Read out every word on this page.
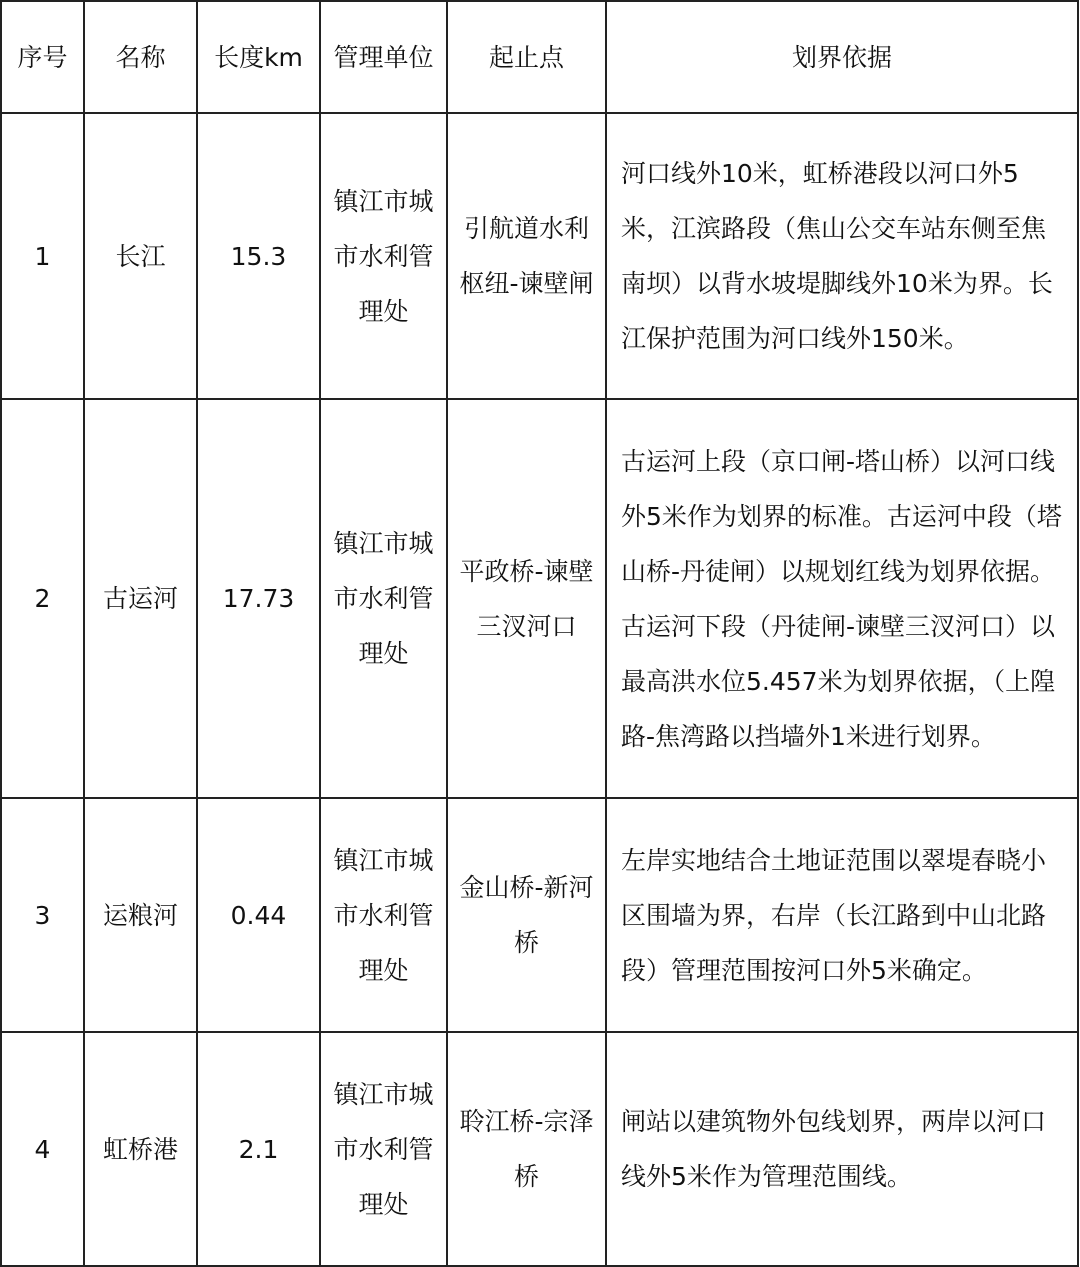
序号	名称	长度km	管理单位	起止点	划界依据
1	长江	15.3	镇江市城市水利管理处	引航道水利枢纽-谏壁闸	河口线外10米，虹桥港段以河口外5米，江滨路段（焦山公交车站东侧至焦南坝）以背水坡堤脚线外10米为界。长江保护范围为河口线外150米。
2	古运河	17.73	镇江市城市水利管理处	平政桥-谏壁三汊河口	古运河上段（京口闸-塔山桥）以河口线外5米作为划界的标准。古运河中段（塔山桥-丹徒闸）以规划红线为划界依据。古运河下段（丹徒闸-谏壁三汊河口）以最高洪水位5.457米为划界依据，（上隍路-焦湾路以挡墙外1米进行划界。
3	运粮河	0.44	镇江市城市水利管理处	金山桥-新河桥	左岸实地结合土地证范围以翠堤春晓小区围墙为界，右岸（长江路到中山北路段）管理范围按河口外5米确定。
4	虹桥港	2.1	镇江市城市水利管理处	聆江桥-宗泽桥	闸站以建筑物外包线划界，两岸以河口线外5米作为管理范围线。
